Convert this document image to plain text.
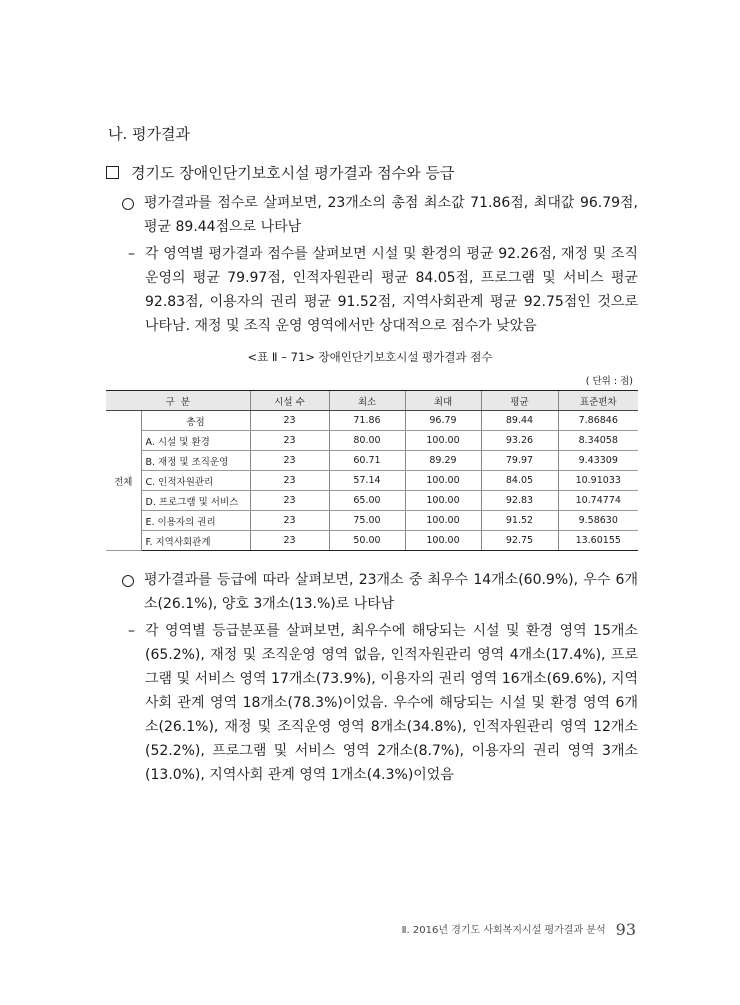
나. 평가결과
경기도 장애인단기보호시설 평가결과 점수와 등급
평가결과를 점수로 살펴보면, 23개소의 총점 최소값 71.86점, 최대값 96.79점, 평균 89.44점으로 나타남
– 각 영역별 평가결과 점수를 살펴보면 시설 및 환경의 평균 92.26점, 재정 및 조직운영의 평균 79.97점, 인적자원관리 평균 84.05점, 프로그램 및 서비스 평균 92.83점, 이용자의 권리 평균 91.52점, 지역사회관계 평균 92.75점인 것으로 나타남. 재정 및 조직 운영 영역에서만 상대적으로 점수가 낮았음
<표 Ⅱ – 71> 장애인단기보호시설 평가결과 점수
( 단위 : 점)
구  분		시설 수	최소	최대	평균	표준편차
전체	총점	23	71.86	96.79	89.44	7.86846
	A. 시설 및 환경	23	80.00	100.00	93.26	8.34058
	B. 재정 및 조직운영	23	60.71	89.29	79.97	9.43309
	C. 인적자원관리	23	57.14	100.00	84.05	10.91033
	D. 프로그램 및 서비스	23	65.00	100.00	92.83	10.74774
	E. 이용자의 권리	23	75.00	100.00	91.52	9.58630
	F. 지역사회관계	23	50.00	100.00	92.75	13.60155
평가결과를 등급에 따라 살펴보면, 23개소 중 최우수 14개소(60.9%), 우수 6개소(26.1%), 양호 3개소(13.%)로 나타남
– 각 영역별 등급분포를 살펴보면, 최우수에 해당되는 시설 및 환경 영역 15개소(65.2%), 재정 및 조직운영 영역 없음, 인적자원관리 영역 4개소(17.4%), 프로그램 및 서비스 영역 17개소(73.9%), 이용자의 권리 영역 16개소(69.6%), 지역사회 관계 영역 18개소(78.3%)이었음. 우수에 해당되는 시설 및 환경 영역 6개소(26.1%), 재정 및 조직운영 영역 8개소(34.8%), 인적자원관리 영역 12개소(52.2%), 프로그램 및 서비스 영역 2개소(8.7%), 이용자의 권리 영역 3개소(13.0%), 지역사회 관계 영역 1개소(4.3%)이었음
Ⅱ. 2016년 경기도 사회복지시설 평가결과 분석 93
